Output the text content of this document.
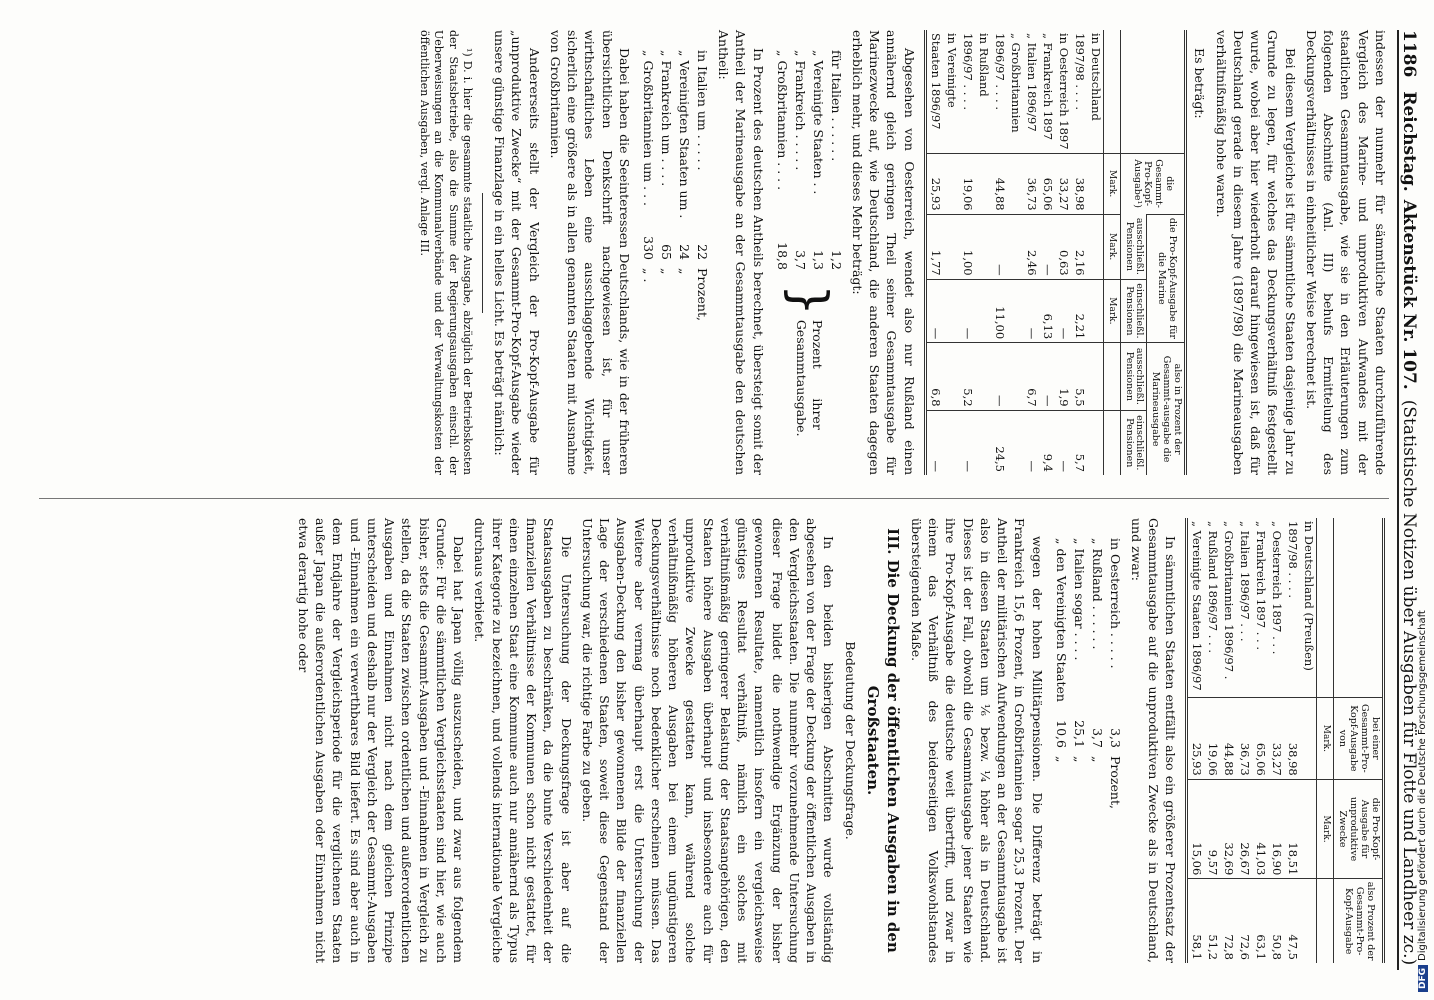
1186
Reichstag.
Aktenstück Nr. 107.
(Statistische Notizen über Ausgaben für Flotte und Landheer zc.)

indessen der nunmehr für sämmtliche Staaten durchzuführende Vergleich des Marine- und unproduktiven Aufwandes mit der staatlichen Gesammtausgabe, wie sie in den Erläuterungen zum folgenden Abschnitte (Anl. III) behufs Ermittelung des Deckungsverhältnisses in einheitlicher Weise berechnet ist.

Bei diesem Vergleiche ist für sämmtliche Staaten dasjenige Jahr zu Grunde zu legen, für welches das Deckungsverhältniß festgestellt wurde, wobei aber hier wiederholt darauf hingewiesen ist, daß für Deutschland gerade in diesem Jahre (1897/98) die Marineausgaben verhältnißmäßig hohe waren.

Es beträgt:

	die Gesammt-Pro-Kopf-Ausgabe¹)	die Pro-Kopf-Ausgabe für die Marine		also in Prozent der Gesammt-ausgabe die Marineausgabe	
		ausschließl. Pensionen	einschließl. Pensionen	ausschließl. Pensionen	einschließl. Pensionen
	Mark.	Mark.	Mark.		
in Deutschland					
1897/98 . . . .	38,98	2,16	2,21	5,5	5,7
in Oesterreich 1897	33,27	0,63	—	1,9	—
„ Frankreich 1897	65,06	—	6,13	—	9,4
„ Italien 1896/97	36,73	2,46	—	6,7	—
„ Großbritannien					
1896/97 . . . .	44,88	—	11,00	—	24,5
in Rußland					
1896/97 . . . .	19,06	1,00	—	5,2	—
in Vereinigte					
Staaten 1896/97	25,93	1,77	—	6,8	—

Abgesehen von Oesterreich, wendet also nur Rußland einen annähernd gleich geringen Theil seiner Gesammtausgabe für Marinezwecke auf, wie Deutschland, die anderen Staaten dagegen erheblich mehr, und dieses Mehr beträgt:

für Italien . . . . . .
1,2
„ Vereinigte Staaten . .
1,3
„ Frankreich . . . . .
3,7
„ Großbritannien . . . .
18,8
}
Prozent ihrer Gesammtausgabe.

In Prozent des deutschen Antheils berechnet, übersteigt somit der Antheil der Marineausgabe an der Gesammtausgabe den deutschen Antheil:

in Italien um . . . . .
22
Prozent,
„ Vereinigten Staaten um .
24
„
„ Frankreich um . . . .
65
„
„ Großbritannien um . . .
330
„ .

Dabei haben die Seeinteressen Deutschlands, wie in der früheren übersichtlichen Denkschrift nachgewiesen ist, für unser wirthschaftliches Leben eine ausschlaggebende Wichtigkeit, sicherlich eine größere als in allen genannten Staaten mit Ausnahme von Großbritannien.

Andererseits stellt der Vergleich der Pro-Kopf-Ausgabe für „unproduktive Zwecke“ mit der Gesammt-Pro-Kopf-Ausgabe wieder unsere günstige Finanzlage in ein helles Licht. Es beträgt nämlich:

¹) D. i. hier die gesammte staatliche Ausgabe, abzüglich der Betriebskosten der Staatsbetriebe, also die Summe der Regierungsausgaben einschl. der Ueberweisungen an die Kommunalverbände und der Verwaltungskosten der öffentlichen Ausgaben, vergl. Anlage III.

	bei einer Gesammt-Pro-Kopf-Ausgabe von	die Pro-Kopf-Ausgabe für unproduktive Zwecke	also Prozent der Gesammt-Pro-Kopf-Ausgabe
	Mark.	Mark.	
in Deutschland (Preußen)			
1897/98 . . . .	38,98	18,51	47,5
„ Oesterreich 1897 . . .	33,27	16,90	50,8
„ Frankreich 1897 . . .	65,06	41,03	63,1
„ Italien 1896/97 . . .	36,73	26,67	72,6
„ Großbritannien 1896/97 .	44,88	32,69	72,8
„ Rußland 1896/97 . . .	19,06	9,57	51,2
„ Vereinigte Staaten 1896/97	25,93	15,06	58,1

In sämmtlichen Staaten entfällt also ein größerer Prozentsatz der Gesammtausgabe auf die unproduktiven Zwecke als in Deutschland, und zwar:

in Oesterreich . . . . .
3,3
Prozent,
„ Rußland . . . . . .
3,7
„
„ Italien sogar . . . .
25,1
„
„ den Vereinigten Staaten
10,6
„

wegen der hohen Militärpensionen. Die Differenz beträgt in Frankreich 15,6 Prozent, in Großbritannien sogar 25,3 Prozent. Der Antheil der militärischen Aufwendungen an der Gesammtausgabe ist also in diesen Staaten um ⅙ bezw. ¼ höher als in Deutschland. Dieses ist der Fall, obwohl die Gesammtausgabe jener Staaten wie ihre Pro-Kopf-Ausgabe die deutsche weit übertrifft, und zwar in einem das Verhältniß des beiderseitigen Volkswohlstandes übersteigenden Maße.

III. Die Deckung der öffentlichen Ausgaben in den Großstaaten.
Bedeutung der Deckungsfrage.

In den beiden bisherigen Abschnitten wurde vollständig abgesehen von der Frage der Deckung der öffentlichen Ausgaben in den Vergleichsstaaten. Die nunmehr vorzunehmende Untersuchung dieser Frage bildet die nothwendige Ergänzung der bisher gewonnenen Resultate, namentlich insofern ein vergleichsweise günstiges Resultat verhältniß, nämlich ein solches mit verhältnißmäßig geringerer Belastung der Staatsangehörigen, den Staaten höhere Ausgaben überhaupt und insbesondere auch für unproduktive Zwecke gestatten kann, während solche verhältnißmäßig höheren Ausgaben bei einem ungünstigeren Deckungsverhältnisse noch bedenklicher erscheinen müssen. Das Weitere aber vermag überhaupt erst die Untersuchung der Ausgaben-Deckung den bisher gewonnenen Bilde der finanziellen Lage der verschiedenen Staaten, soweit diese Gegenstand der Untersuchung war, die richtige Farbe zu geben.

Die Untersuchung der Deckungsfrage ist aber auf die Staatsausgaben zu beschränken, da die bunte Verschiedenheit der finanziellen Verhältnisse der Kommunen schon nicht gestattet, für einen einzelnen Staat eine Kommune auch nur annähernd als Typus ihrer Kategorie zu bezeichnen, und vollends internationale Vergleiche durchaus verbietet.

Dabei hat Japan völlig auszuscheiden, und zwar aus folgendem Grunde: Für die sämmtlichen Vergleichsstaaten sind hier, wie auch bisher, stets die Gesammt-Ausgaben und -Einnahmen in Vergleich zu stellen, da die Staaten zwischen ordentlichen und außerordentlichen Ausgaben und Einnahmen nicht nach dem gleichen Prinzipe unterscheiden und deshalb nur der Vergleich der Gesammt-Ausgaben und -Einnahmen ein verwerthbares Bild liefert. Es sind aber auch in dem Endjahre der Vergleichsperiode für die verglichenen Staaten außer Japan die außerordentlichen Ausgaben oder Einnahmen nicht etwa derartig hohe oder

DFGDigitalisierung gefördert durch die Deutsche Forschungsgemeinschaft
